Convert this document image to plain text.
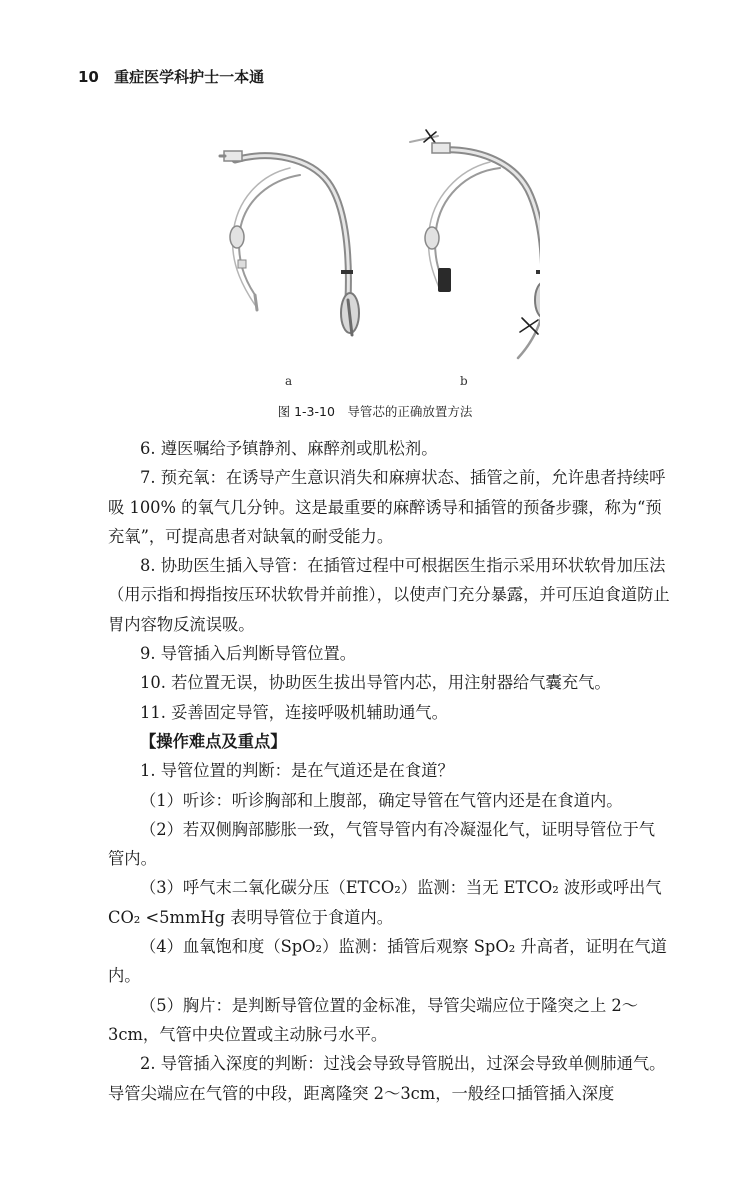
10 重症医学科护士一本通
a	b
图 1-3-10　导管芯的正确放置方法

6. 遵医嘱给予镇静剂、麻醉剂或肌松剂。

7. 预充氧：在诱导产生意识消失和麻痹状态、插管之前，允许患者持续呼吸 100% 的氧气几分钟。这是最重要的麻醉诱导和插管的预备步骤，称为“预充氧”，可提高患者对缺氧的耐受能力。

8. 协助医生插入导管：在插管过程中可根据医生指示采用环状软骨加压法（用示指和拇指按压环状软骨并前推），以使声门充分暴露，并可压迫食道防止胃内容物反流误吸。

9. 导管插入后判断导管位置。

10. 若位置无误，协助医生拔出导管内芯，用注射器给气囊充气。

11. 妥善固定导管，连接呼吸机辅助通气。

【操作难点及重点】

1. 导管位置的判断：是在气道还是在食道？

（1）听诊：听诊胸部和上腹部，确定导管在气管内还是在食道内。

（2）若双侧胸部膨胀一致，气管导管内有冷凝湿化气，证明导管位于气管内。

（3）呼气末二氧化碳分压（ETCO₂）监测：当无 ETCO₂ 波形或呼出气 CO₂ <5mmHg 表明导管位于食道内。

（4）血氧饱和度（SpO₂）监测：插管后观察 SpO₂ 升高者，证明在气道内。

（5）胸片：是判断导管位置的金标准，导管尖端应位于隆突之上 2～3cm，气管中央位置或主动脉弓水平。

2. 导管插入深度的判断：过浅会导致导管脱出，过深会导致单侧肺通气。导管尖端应在气管的中段，距离隆突 2～3cm，一般经口插管插入深度
